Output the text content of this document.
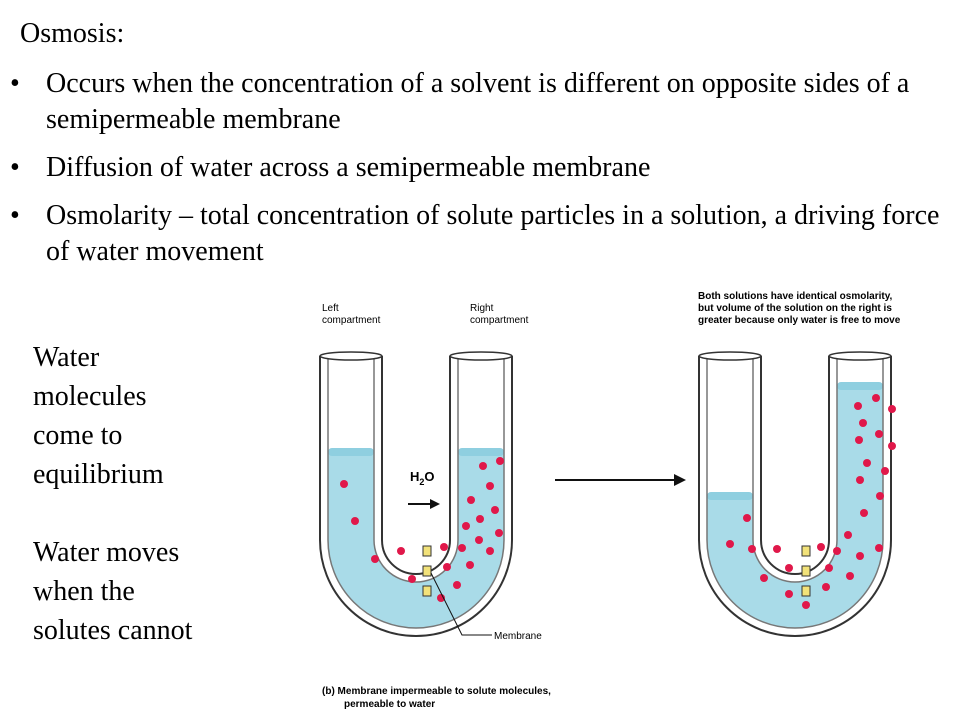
Osmosis:
• Occurs when the concentration of a solvent is different on opposite sides of a semipermeable membrane
• Diffusion of water across a semipermeable membrane
• Osmolarity – total concentration of solute particles in a solution, a driving force of water movement

Water

molecules

come to

equilibrium

Water moves

when the

solutes cannot

Left
compartment
Right
compartment
Both solutions have identical osmolarity,
but volume of the solution on the right is
greater because only water is free to move
$H_2O$
Membrane
(b) Membrane impermeable to solute molecules,
permeable to water
